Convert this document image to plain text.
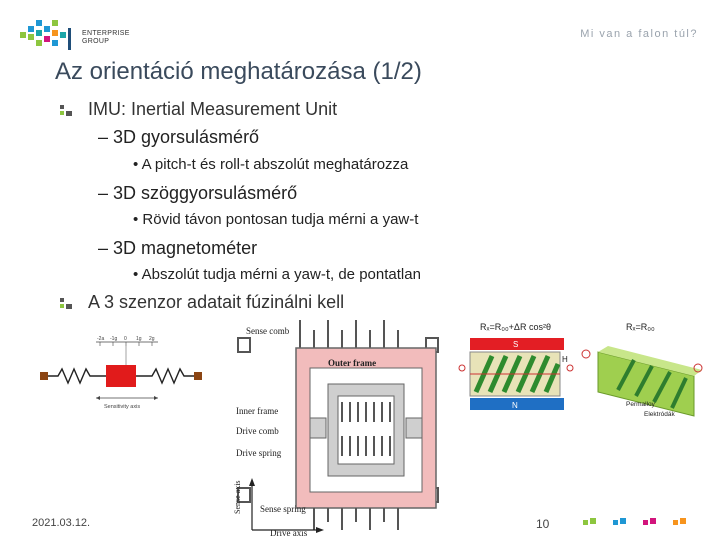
ENTERPRISE
GROUP
Mi van a falon túl?
Az orientáció meghatározása (1/2)
IMU: Inertial Measurement Unit
– 3D gyorsulásmérő
• A pitch-t és roll-t abszolút meghatározza
– 3D szöggyorsulásmérő
• Rövid távon pontosan tudja mérni a yaw-t
– 3D magnetométer
• Abszolút tudja mérni a yaw-t, de pontatlan
A 3 szenzor adatait fúzinálni kell
-2a -1g 0 1g 2g
Sensitivity axis
Sense comb
Outer frame
Inner frame
Drive comb
Drive spring
Sense spring
Sense axis
Drive axis
Rₓ=R₀₀+ΔR cos²θ	Rₓ=R₀₀
S
N
H
Permalloy
Elektródák
2021.03.12.	10
